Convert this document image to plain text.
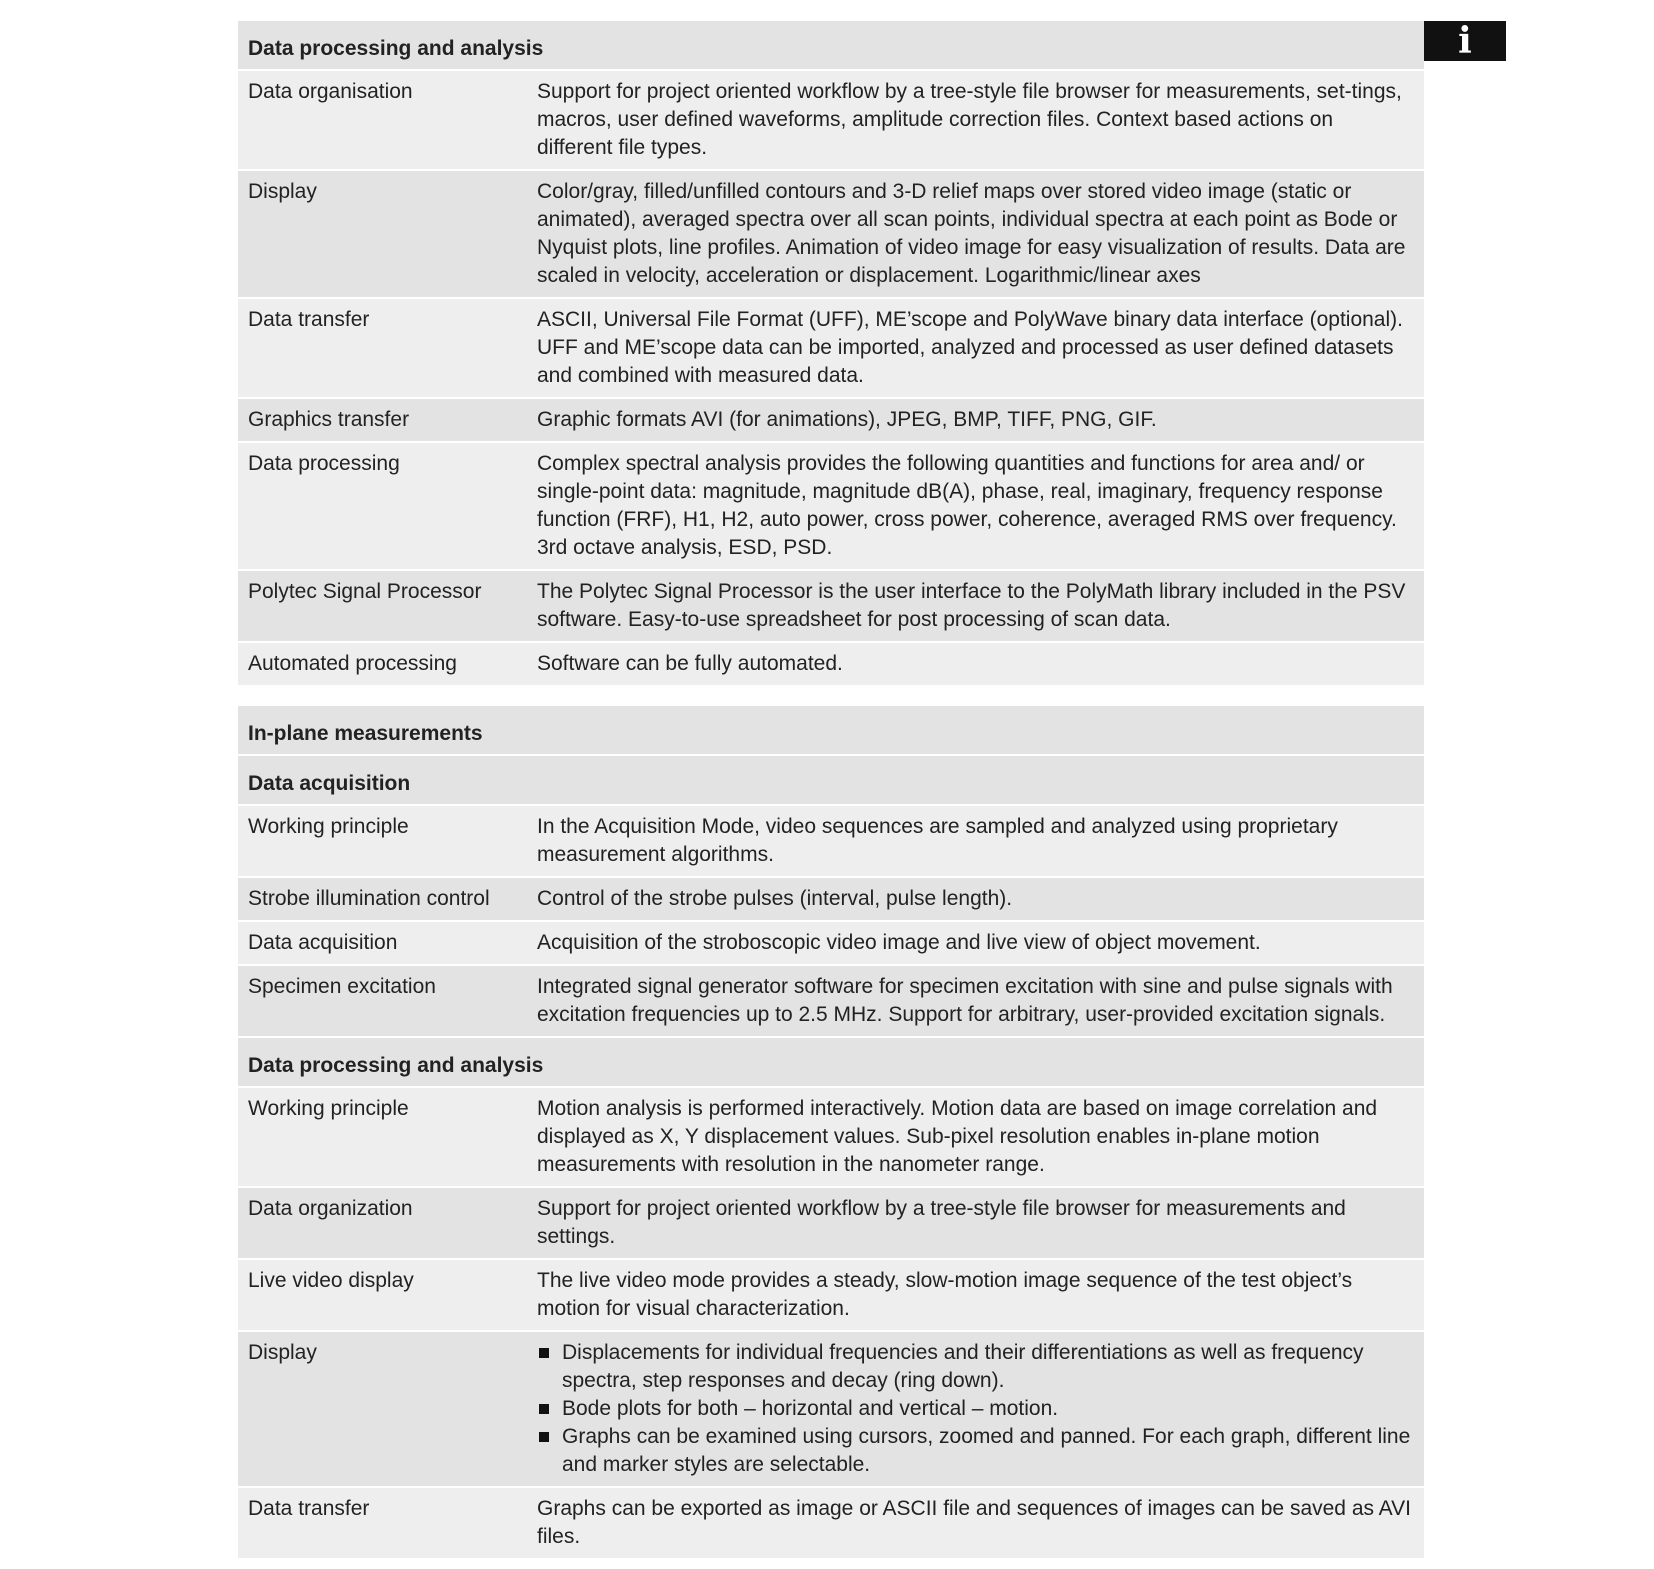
i
Data processing and analysis
Data organisation	Support for project oriented workflow by a tree-style file browser for measurements, set-tings, macros, user defined waveforms, amplitude correction files. Context based actions on different file types.
Display	Color/gray, filled/unfilled contours and 3-D relief maps over stored video image (static or animated), averaged spectra over all scan points, individual spectra at each point as Bode or Nyquist plots, line profiles. Animation of video image for easy visualization of results. Data are scaled in velocity, acceleration or displacement. Logarithmic/linear axes
Data transfer	ASCII, Universal File Format (UFF), ME’scope and PolyWave binary data interface (optional). UFF and ME’scope data can be imported, analyzed and processed as user defined datasets and combined with measured data.
Graphics transfer	Graphic formats AVI (for animations), JPEG, BMP, TIFF, PNG, GIF.
Data processing	Complex spectral analysis provides the following quantities and functions for area and/ or single-point data: magnitude, magnitude dB(A), phase, real, imaginary, frequency response function (FRF), H1, H2, auto power, cross power, coherence, averaged RMS over frequency. 3rd octave analysis, ESD, PSD.
Polytec Signal Processor	The Polytec Signal Processor is the user interface to the PolyMath library included in the PSV software. Easy-to-use spreadsheet for post processing of scan data.
Automated processing	Software can be fully automated.
In-plane measurements
Data acquisition
Working principle	In the Acquisition Mode, video sequences are sampled and analyzed using proprietary measurement algorithms.
Strobe illumination control	Control of the strobe pulses (interval, pulse length).
Data acquisition	Acquisition of the stroboscopic video image and live view of object movement.
Specimen excitation	Integrated signal generator software for specimen excitation with sine and pulse signals with excitation frequencies up to 2.5 MHz. Support for arbitrary, user-provided excitation signals.
Data processing and analysis
Working principle	Motion analysis is performed interactively. Motion data are based on image correlation and displayed as X, Y displacement values. Sub-pixel resolution enables in-plane motion measurements with resolution in the nanometer range.
Data organization	Support for project oriented workflow by a tree-style file browser for measurements and settings.
Live video display	The live video mode provides a steady, slow-motion image sequence of the test object’s motion for visual characterization.
Display	Displacements for individual frequencies and their differentiations as well as frequency spectra, step responses and decay (ring down).
Bode plots for both – horizontal and vertical – motion.
Graphs can be examined using cursors, zoomed and panned. For each graph, different line and marker styles are selectable.
Data transfer	Graphs can be exported as image or ASCII file and sequences of images can be saved as AVI files.
